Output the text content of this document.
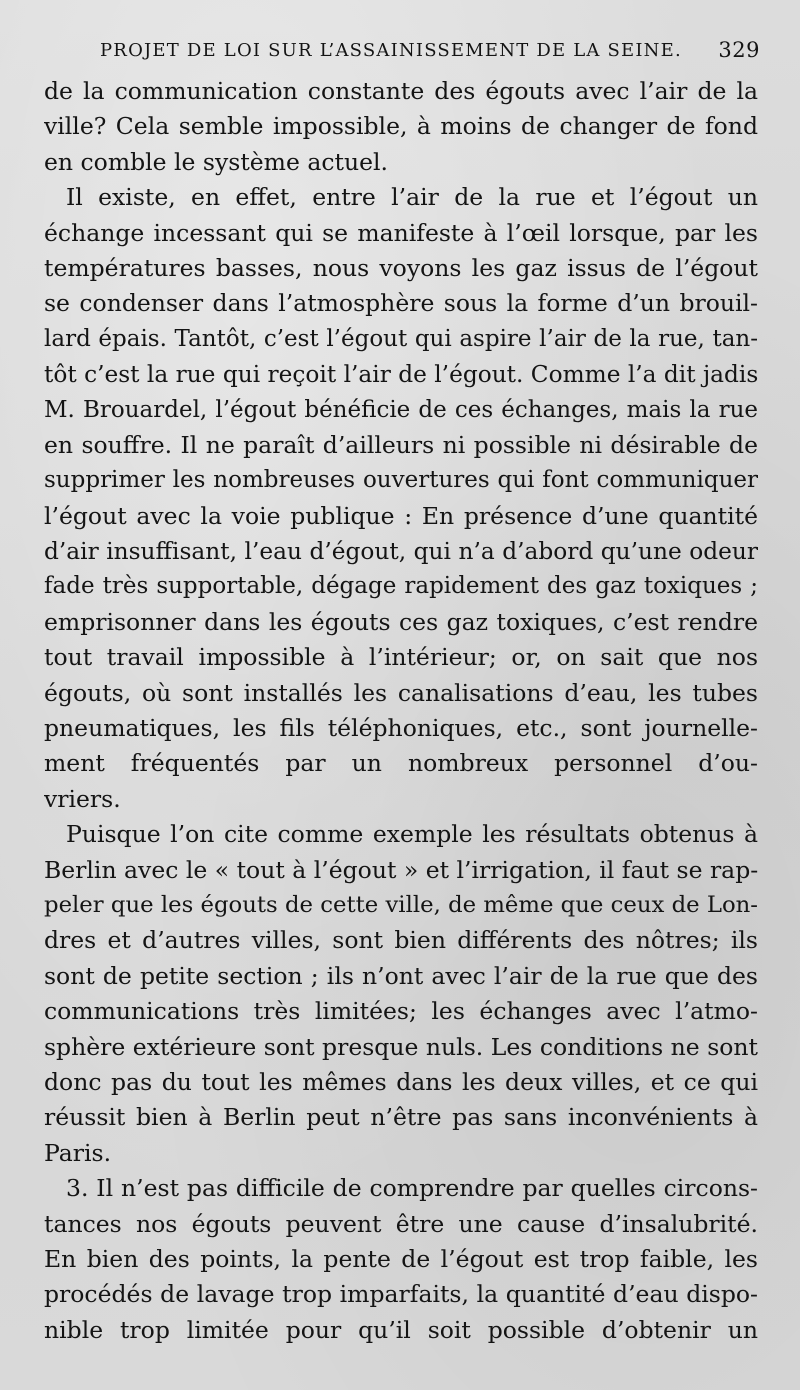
PROJET DE LOI SUR L’ASSAINISSEMENT DE LA SEINE. 329
de la communication constante des égouts avec l’air de la
ville? Cela semble impossible, à moins de changer de fond
en comble le système actuel.
Il existe, en effet, entre l’air de la rue et l’égout un
échange incessant qui se manifeste à l’œil lorsque, par les
températures basses, nous voyons les gaz issus de l’égout
se condenser dans l’atmosphère sous la forme d’un brouil-
lard épais. Tantôt, c’est l’égout qui aspire l’air de la rue, tan-
tôt c’est la rue qui reçoit l’air de l’égout. Comme l’a dit jadis
M. Brouardel, l’égout bénéficie de ces échanges, mais la rue
en souffre. Il ne paraît d’ailleurs ni possible ni désirable de
supprimer les nombreuses ouvertures qui font communiquer
l’égout avec la voie publique : En présence d’une quantité
d’air insuffisant, l’eau d’égout, qui n’a d’abord qu’une odeur
fade très supportable, dégage rapidement des gaz toxiques ;
emprisonner dans les égouts ces gaz toxiques, c’est rendre
tout travail impossible à l’intérieur; or, on sait que nos
égouts, où sont installés les canalisations d’eau, les tubes
pneumatiques, les fils téléphoniques, etc., sont journelle-
ment fréquentés par un nombreux personnel d’ou-
vriers.
Puisque l’on cite comme exemple les résultats obtenus à
Berlin avec le « tout à l’égout » et l’irrigation, il faut se rap-
peler que les égouts de cette ville, de même que ceux de Lon-
dres et d’autres villes, sont bien différents des nôtres; ils
sont de petite section ; ils n’ont avec l’air de la rue que des
communications très limitées; les échanges avec l’atmo-
sphère extérieure sont presque nuls. Les conditions ne sont
donc pas du tout les mêmes dans les deux villes, et ce qui
réussit bien à Berlin peut n’être pas sans inconvénients à
Paris.
3. Il n’est pas difficile de comprendre par quelles circons-
tances nos égouts peuvent être une cause d’insalubrité.
En bien des points, la pente de l’égout est trop faible, les
procédés de lavage trop imparfaits, la quantité d’eau dispo-
nible trop limitée pour qu’il soit possible d’obtenir un
